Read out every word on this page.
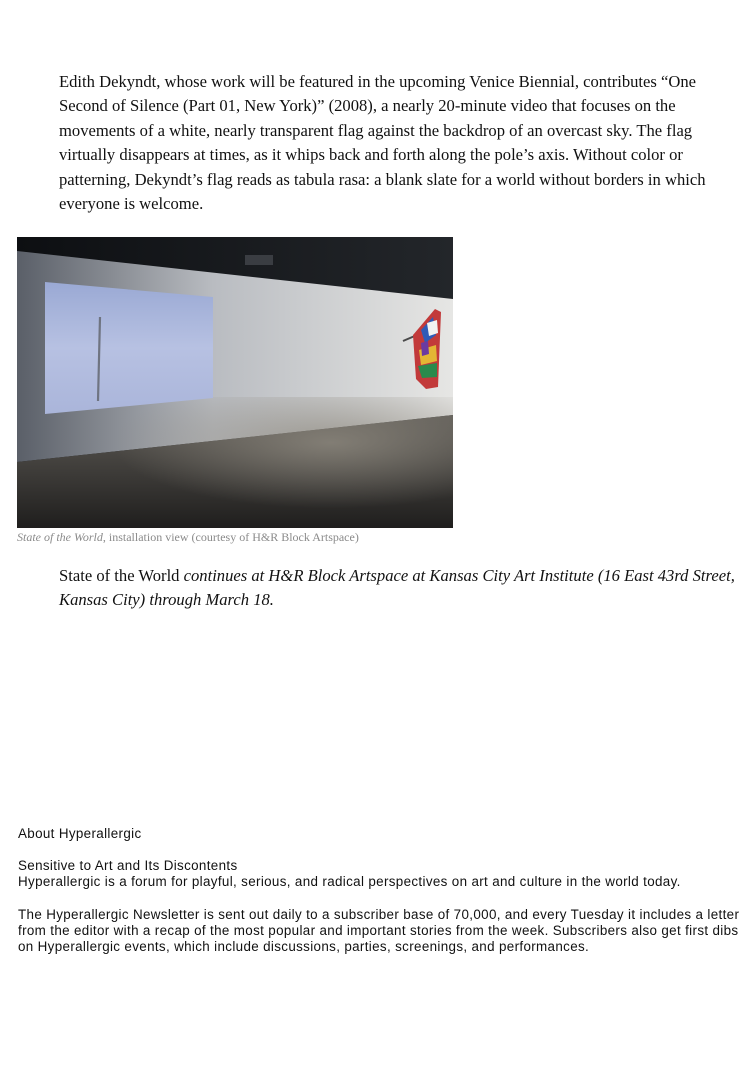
Edith Dekyndt, whose work will be featured in the upcoming Venice Biennial, contributes “One Second of Silence (Part 01, New York)” (2008), a nearly 20-minute video that focuses on the movements of a white, nearly transparent flag against the backdrop of an overcast sky. The flag virtually disappears at times, as it whips back and forth along the pole’s axis. Without color or patterning, Dekyndt’s flag reads as tabula rasa: a blank slate for a world without borders in which everyone is welcome.

State of the World, installation view (courtesy of H&R Block Artspace)

State of the World continues at H&R Block Artspace at Kansas City Art Institute (16 East 43rd Street, Kansas City) through March 18.

About Hyperallergic

Sensitive to Art and Its Discontents

Hyperallergic is a forum for playful, serious, and radical perspectives on art and culture in the world today.

The Hyperallergic Newsletter is sent out daily to a subscriber base of 70,000, and every Tuesday it includes a letter from the editor with a recap of the most popular and important stories from the week. Subscribers also get first dibs on Hyperallergic events, which include discussions, parties, screenings, and performances.
